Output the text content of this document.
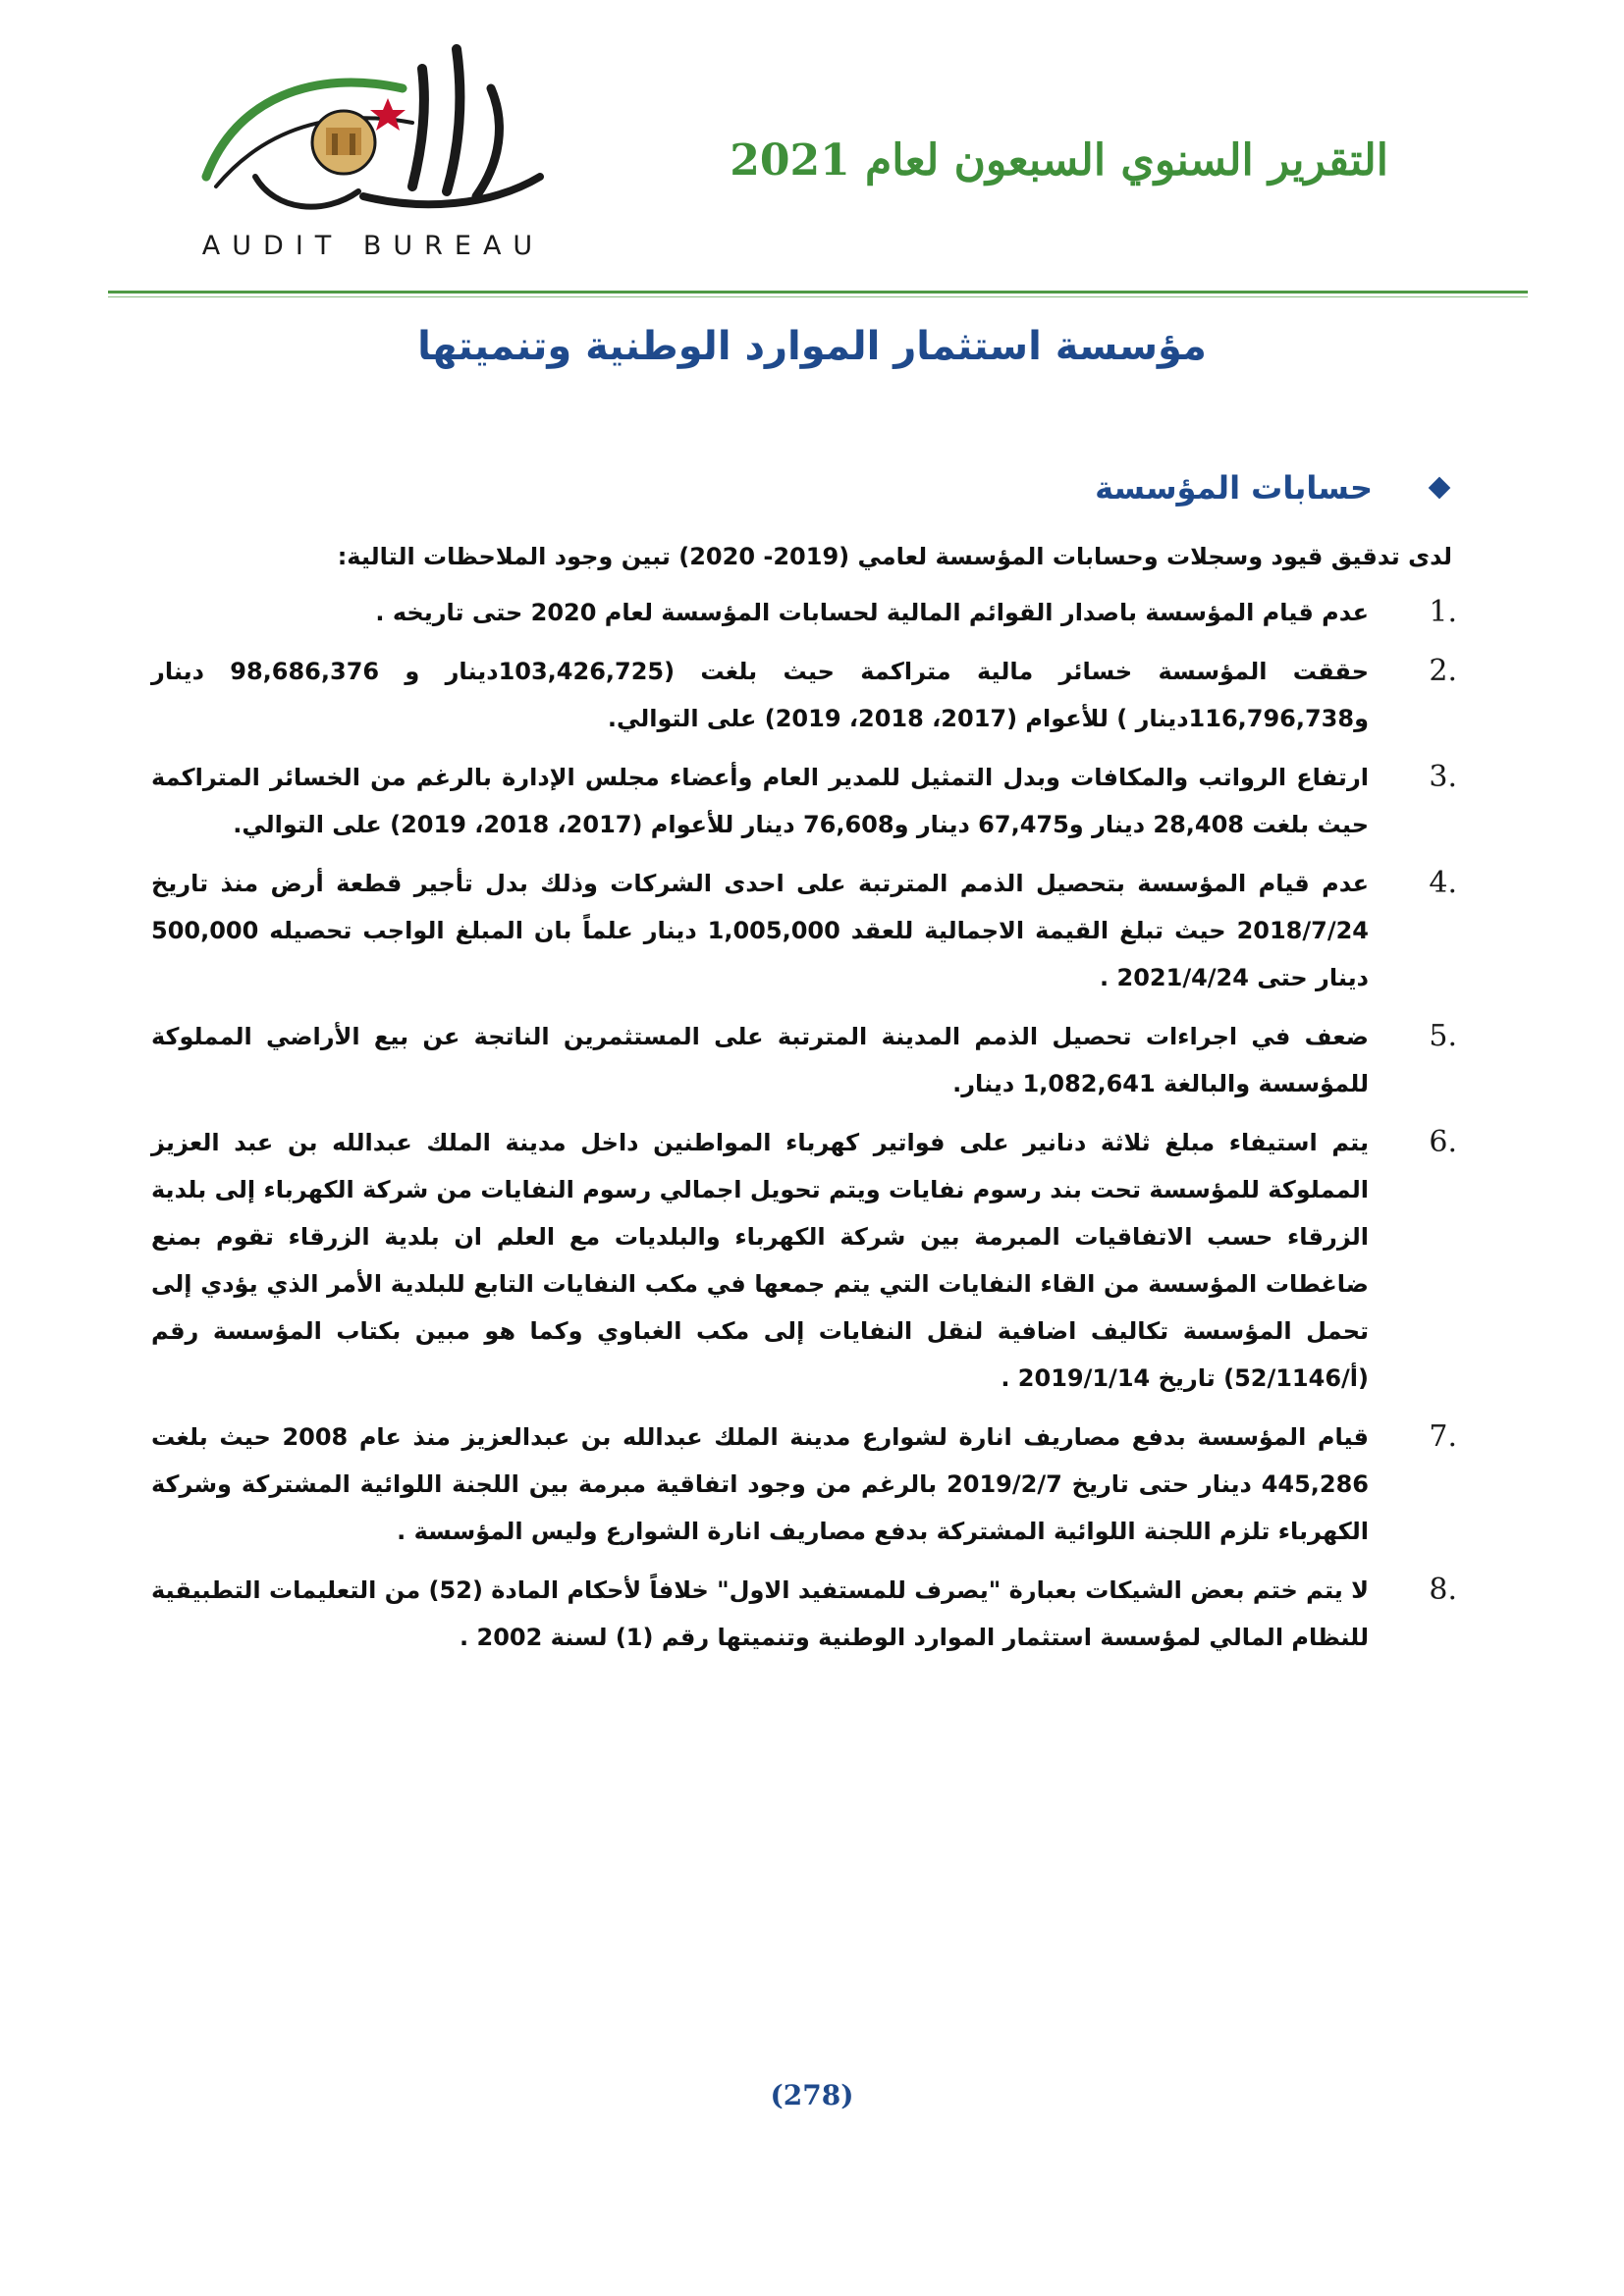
AUDIT BUREAU
التقرير السنوي السبعون لعام 2021
مؤسسة استثمار الموارد الوطنية وتنميتها
حسابات المؤسسة
لدى تدقيق قيود وسجلات وحسابات المؤسسة لعامي (2019- 2020) تبين وجود الملاحظات التالية:
1.
عدم قيام المؤسسة باصدار القوائم المالية لحسابات المؤسسة لعام 2020 حتى تاريخه .
2.
حققت المؤسسة خسائر مالية متراكمة حيث بلغت (103,426,725دينار و 98,686,376 دينار و116,796,738دينار ) للأعوام (2017، 2018، 2019) على التوالي.
3.
ارتفاع الرواتب والمكافات وبدل التمثيل للمدير العام وأعضاء مجلس الإدارة بالرغم من الخسائر المتراكمة حيث بلغت 28,408 دينار و67,475 دينار و76,608 دينار للأعوام (2017، 2018، 2019) على التوالي.
4.
عدم قيام المؤسسة بتحصيل الذمم المترتبة على احدى الشركات وذلك بدل تأجير قطعة أرض منذ تاريخ 2018/7/24 حيث تبلغ القيمة الاجمالية للعقد 1,005,000 دينار علماً بان المبلغ الواجب تحصيله 500,000 دينار حتى 2021/4/24 .
5.
ضعف في اجراءات تحصيل الذمم المدينة المترتبة على المستثمرين الناتجة عن بيع الأراضي المملوكة للمؤسسة والبالغة 1,082,641 دينار.
6.
يتم استيفاء مبلغ ثلاثة دنانير على فواتير كهرباء المواطنين داخل مدينة الملك عبدالله بن عبد العزيز المملوكة للمؤسسة تحت بند رسوم نفايات ويتم تحويل اجمالي رسوم النفايات من شركة الكهرباء إلى بلدية الزرقاء حسب الاتفاقيات المبرمة بين شركة الكهرباء والبلديات مع العلم ان بلدية الزرقاء تقوم بمنع ضاغطات المؤسسة من القاء النفايات التي يتم جمعها في مكب النفايات التابع للبلدية الأمر الذي يؤدي إلى تحمل المؤسسة تكاليف اضافية لنقل النفايات إلى مكب الغباوي وكما هو مبين بكتاب المؤسسة رقم (أ/52/1146) تاريخ 2019/1/14 .
7.
قيام المؤسسة بدفع مصاريف انارة لشوارع مدينة الملك عبدالله بن عبدالعزيز منذ عام 2008 حيث بلغت 445,286 دينار حتى تاريخ 2019/2/7 بالرغم من وجود اتفاقية مبرمة بين اللجنة اللوائية المشتركة وشركة الكهرباء تلزم اللجنة اللوائية المشتركة بدفع مصاريف انارة الشوارع وليس المؤسسة .
8.
لا يتم ختم بعض الشيكات بعبارة "يصرف للمستفيد الاول" خلافاً لأحكام المادة (52) من التعليمات التطبيقية للنظام المالي لمؤسسة استثمار الموارد الوطنية وتنميتها رقم (1) لسنة 2002 .
(278)
